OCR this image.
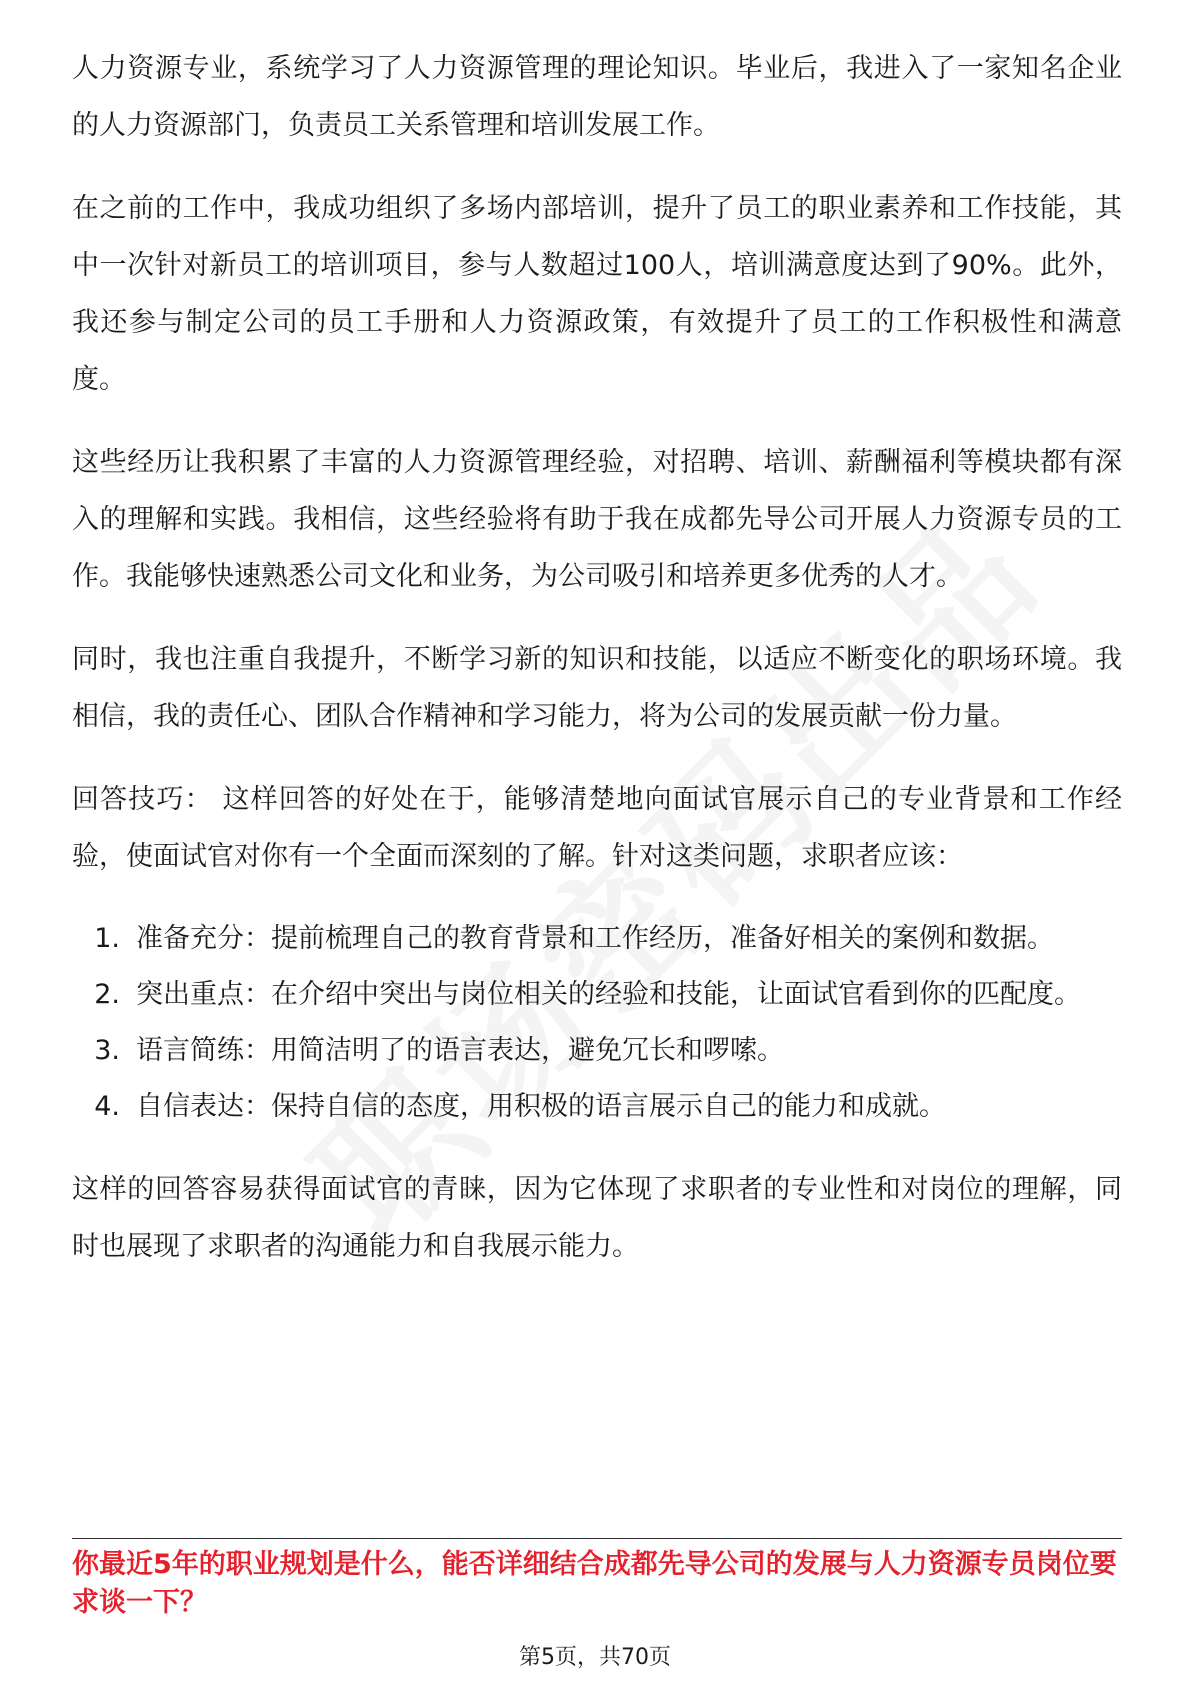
人力资源专业，系统学习了人力资源管理的理论知识。毕业后，我进入了一家知名企业的人力资源部门，负责员工关系管理和培训发展工作。

在之前的工作中，我成功组织了多场内部培训，提升了员工的职业素养和工作技能，其中一次针对新员工的培训项目，参与人数超过100人，培训满意度达到了90%。此外，我还参与制定公司的员工手册和人力资源政策，有效提升了员工的工作积极性和满意度。

这些经历让我积累了丰富的人力资源管理经验，对招聘、培训、薪酬福利等模块都有深入的理解和实践。我相信，这些经验将有助于我在成都先导公司开展人力资源专员的工作。我能够快速熟悉公司文化和业务，为公司吸引和培养更多优秀的人才。

同时，我也注重自我提升，不断学习新的知识和技能，以适应不断变化的职场环境。我相信，我的责任心、团队合作精神和学习能力，将为公司的发展贡献一份力量。

回答技巧： 这样回答的好处在于，能够清楚地向面试官展示自己的专业背景和工作经验，使面试官对你有一个全面而深刻的了解。针对这类问题，求职者应该：

1. 准备充分：提前梳理自己的教育背景和工作经历，准备好相关的案例和数据。
2. 突出重点：在介绍中突出与岗位相关的经验和技能，让面试官看到你的匹配度。
3. 语言简练：用简洁明了的语言表达，避免冗长和啰嗦。
4. 自信表达：保持自信的态度，用积极的语言展示自己的能力和成就。

这样的回答容易获得面试官的青睐，因为它体现了求职者的专业性和对岗位的理解，同时也展现了求职者的沟通能力和自我展示能力。

你最近5年的职业规划是什么，能否详细结合成都先导公司的发展与人力资源专员岗位要求谈一下？
第5页，共70页
